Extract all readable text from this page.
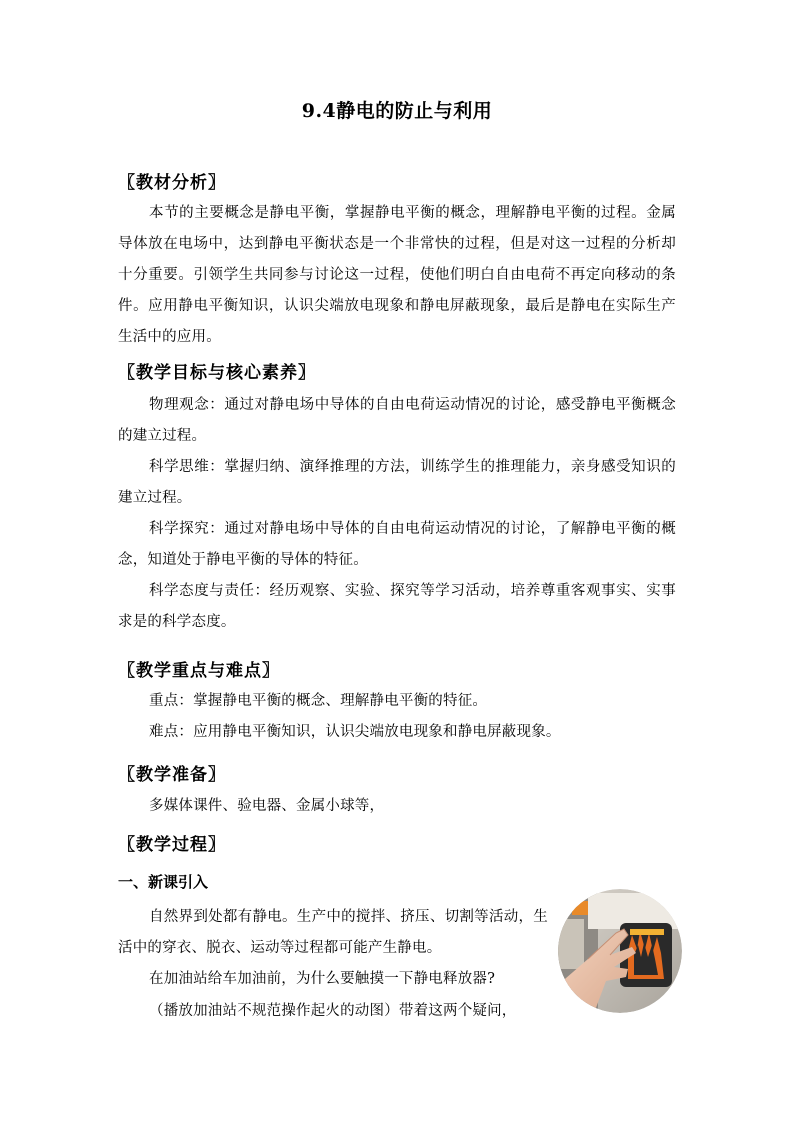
9.4静电的防止与利用
〖教材分析〗

本节的主要概念是静电平衡，掌握静电平衡的概念，理解静电平衡的过程。金属导体放在电场中，达到静电平衡状态是一个非常快的过程，但是对这一过程的分析却十分重要。引领学生共同参与讨论这一过程，使他们明白自由电荷不再定向移动的条件。应用静电平衡知识，认识尖端放电现象和静电屏蔽现象，最后是静电在实际生产生活中的应用。

〖教学目标与核心素养〗

物理观念：通过对静电场中导体的自由电荷运动情况的讨论，感受静电平衡概念的建立过程。

科学思维：掌握归纳、演绎推理的方法，训练学生的推理能力，亲身感受知识的建立过程。

科学探究：通过对静电场中导体的自由电荷运动情况的讨论，了解静电平衡的概念，知道处于静电平衡的导体的特征。

科学态度与责任：经历观察、实验、探究等学习活动，培养尊重客观事实、实事求是的科学态度。

〖教学重点与难点〗

重点：掌握静电平衡的概念、理解静电平衡的特征。

难点：应用静电平衡知识，认识尖端放电现象和静电屏蔽现象。

〖教学准备〗

多媒体课件、验电器、金属小球等，

〖教学过程〗
一、新课引入

自然界到处都有静电。生产中的搅拌、挤压、切割等活动，生活中的穿衣、脱衣、运动等过程都可能产生静电。

在加油站给车加油前，为什么要触摸一下静电释放器?

（播放加油站不规范操作起火的动图）带着这两个疑问，
